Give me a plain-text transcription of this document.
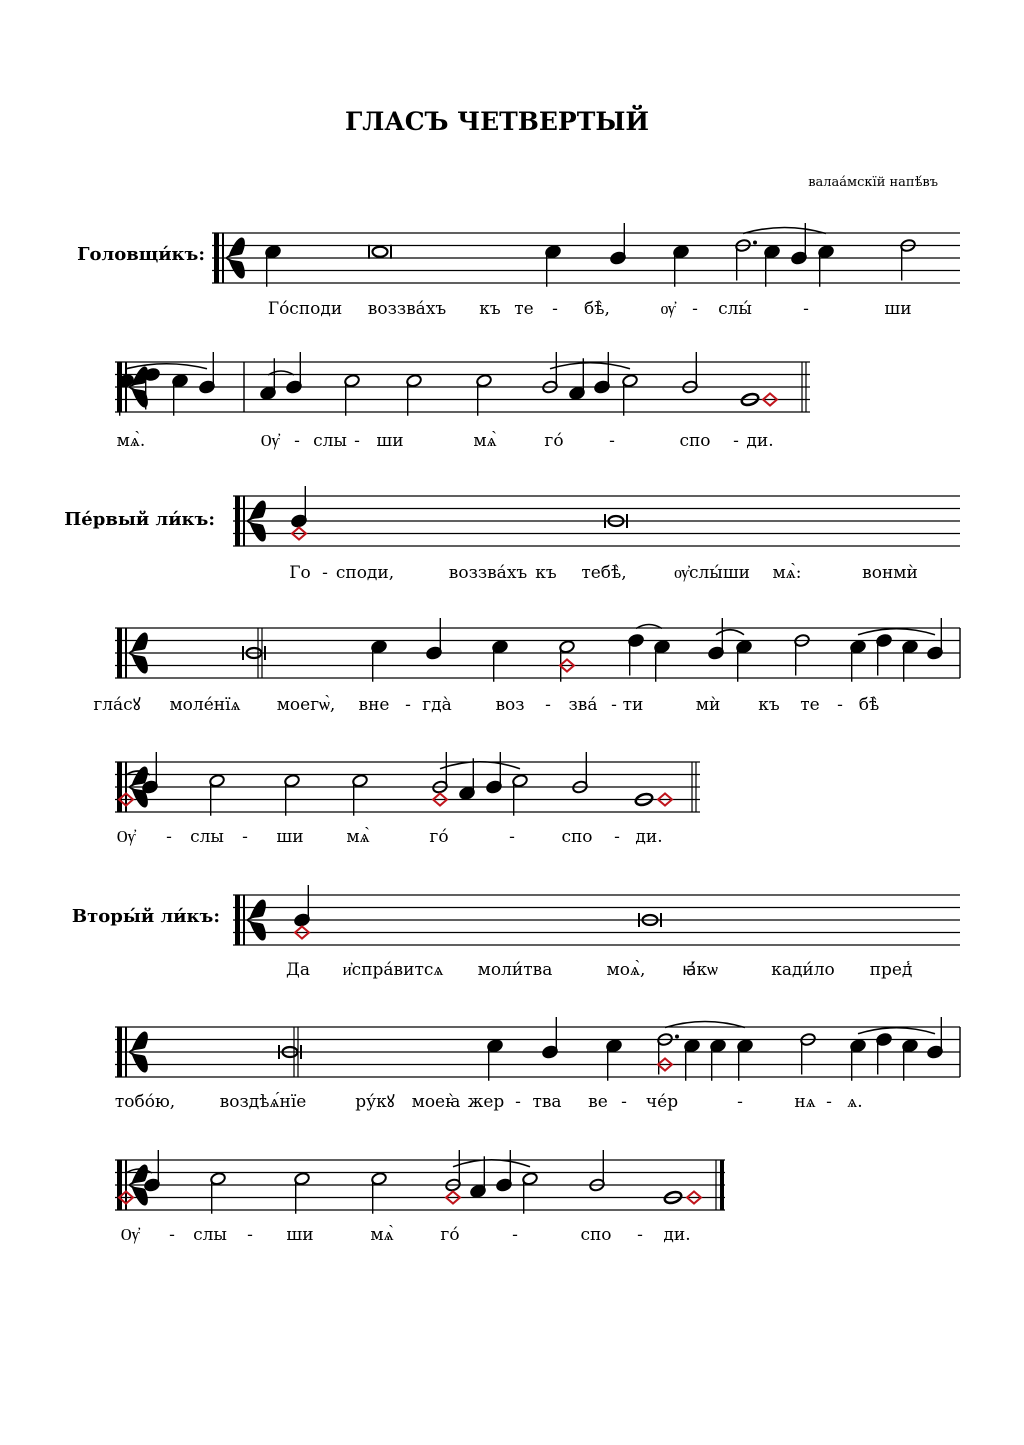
ГЛАСЪ ЧЕТВЕРТЫЙ
валаа́мскїй напѣ́въ
Головщи́къ:
Пе́рвый ли́къ:
Вторы́й ли́къ:
Го́споди воззва́хъ къ те - бѣ̀,	ѹ҆ - слы́	-	ши
мѧ̀.	Ѹ҆ - слы - ши	мѧ̀	го́	-	спо - ди.
Го - споди,	воззва́хъ къ тебѣ̀,	ѹ҆слы́ши мѧ̀:	вонмѝ
гла́сꙋ моле́нїѧ моегѡ̀, вне - гда̀	воз - зва́ - ти	мѝ къ те - бѣ̀
Ѹ҆ - слы - ши	мѧ̀	го́	-	спо - ди.
Да и҆спра́витсѧ моли́тва	моѧ̀, ꙗ҆́кѡ	кади́ло пред̾
тобо́ю,	воздѣѧ́нїе	ру́кꙋ моеꙗ̀ жер - тва ве - че́р	-	нѧ - ѧ.
Ѹ҆ - слы - ши	мѧ̀	го́	-	спо - ди.
